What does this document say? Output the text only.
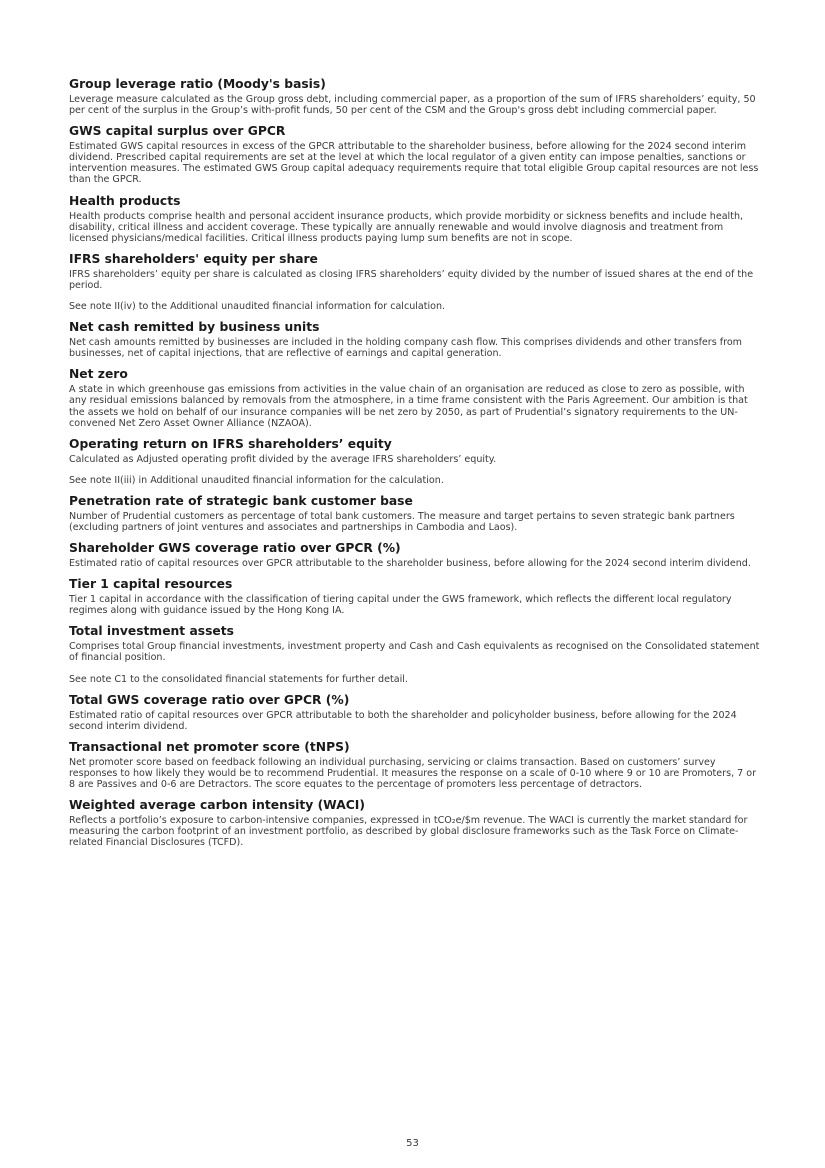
Group leverage ratio (Moody's basis)

Leverage measure calculated as the Group gross debt, including commercial paper, as a proportion of the sum of IFRS shareholders’ equity, 50 per cent of the surplus in the Group’s with-profit funds, 50 per cent of the CSM and the Group's gross debt including commercial paper.

GWS capital surplus over GPCR

Estimated GWS capital resources in excess of the GPCR attributable to the shareholder business, before allowing for the 2024 second interim dividend. Prescribed capital requirements are set at the level at which the local regulator of a given entity can impose penalties, sanctions or intervention measures. The estimated GWS Group capital adequacy requirements require that total eligible Group capital resources are not less than the GPCR.

Health products

Health products comprise health and personal accident insurance products, which provide morbidity or sickness benefits and include health, disability, critical illness and accident coverage. These typically are annually renewable and would involve diagnosis and treatment from licensed physicians/medical facilities. Critical illness products paying lump sum benefits are not in scope.

IFRS shareholders' equity per share

IFRS shareholders’ equity per share is calculated as closing IFRS shareholders’ equity divided by the number of issued shares at the end of the period.

See note II(iv) to the Additional unaudited financial information for calculation.

Net cash remitted by business units

Net cash amounts remitted by businesses are included in the holding company cash flow. This comprises dividends and other transfers from businesses, net of capital injections, that are reflective of earnings and capital generation.

Net zero

A state in which greenhouse gas emissions from activities in the value chain of an organisation are reduced as close to zero as possible, with any residual emissions balanced by removals from the atmosphere, in a time frame consistent with the Paris Agreement. Our ambition is that the assets we hold on behalf of our insurance companies will be net zero by 2050, as part of Prudential’s signatory requirements to the UN-convened Net Zero Asset Owner Alliance (NZAOA).

Operating return on IFRS shareholders’ equity

Calculated as Adjusted operating profit divided by the average IFRS shareholders’ equity.

See note II(iii) in Additional unaudited financial information for the calculation.

Penetration rate of strategic bank customer base

Number of Prudential customers as percentage of total bank customers. The measure and target pertains to seven strategic bank partners (excluding partners of joint ventures and associates and partnerships in Cambodia and Laos).

Shareholder GWS coverage ratio over GPCR (%)

Estimated ratio of capital resources over GPCR attributable to the shareholder business, before allowing for the 2024 second interim dividend.

Tier 1 capital resources

Tier 1 capital in accordance with the classification of tiering capital under the GWS framework, which reflects the different local regulatory regimes along with guidance issued by the Hong Kong IA.

Total investment assets

Comprises total Group financial investments, investment property and Cash and Cash equivalents as recognised on the Consolidated statement of financial position.

See note C1 to the consolidated financial statements for further detail.

Total GWS coverage ratio over GPCR (%)

Estimated ratio of capital resources over GPCR attributable to both the shareholder and policyholder business, before allowing for the 2024 second interim dividend.

Transactional net promoter score (tNPS)

Net promoter score based on feedback following an individual purchasing, servicing or claims transaction. Based on customers’ survey responses to how likely they would be to recommend Prudential. It measures the response on a scale of 0-10 where 9 or 10 are Promoters, 7 or 8 are Passives and 0-6 are Detractors. The score equates to the percentage of promoters less percentage of detractors.

Weighted average carbon intensity (WACI)

Reflects a portfolio’s exposure to carbon-intensive companies, expressed in tCO₂e/$m revenue. The WACI is currently the market standard for measuring the carbon footprint of an investment portfolio, as described by global disclosure frameworks such as the Task Force on Climate-related Financial Disclosures (TCFD).

53
